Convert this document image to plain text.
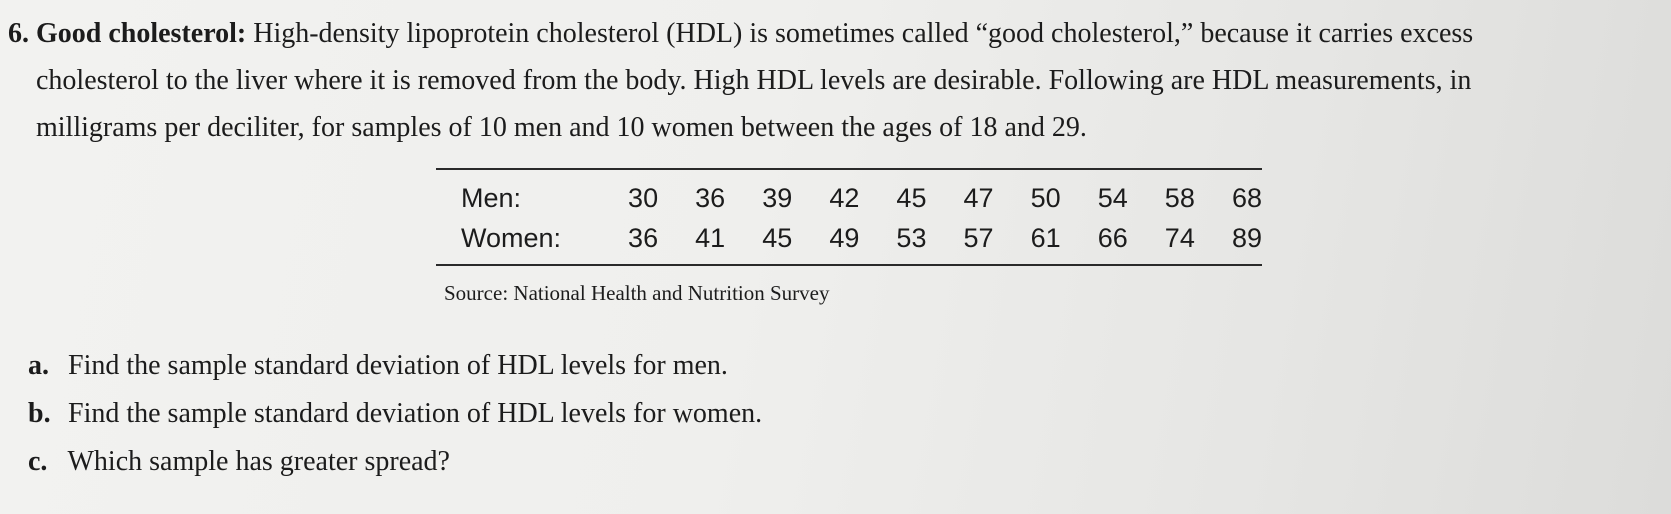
6. Good cholesterol: High-density lipoprotein cholesterol (HDL) is sometimes called “good cholesterol,” because it carries excess
cholesterol to the liver where it is removed from the body. High HDL levels are desirable. Following are HDL measurements, in
milligrams per deciliter, for samples of 10 men and 10 women between the ages of 18 and 29.
Men:	30	36	39	42	45	47	50	54	58	68
Women:	36	41	45	49	53	57	61	66	74	89
Source: National Health and Nutrition Survey
a. Find the sample standard deviation of HDL levels for men.
b. Find the sample standard deviation of HDL levels for women.
c. Which sample has greater spread?
